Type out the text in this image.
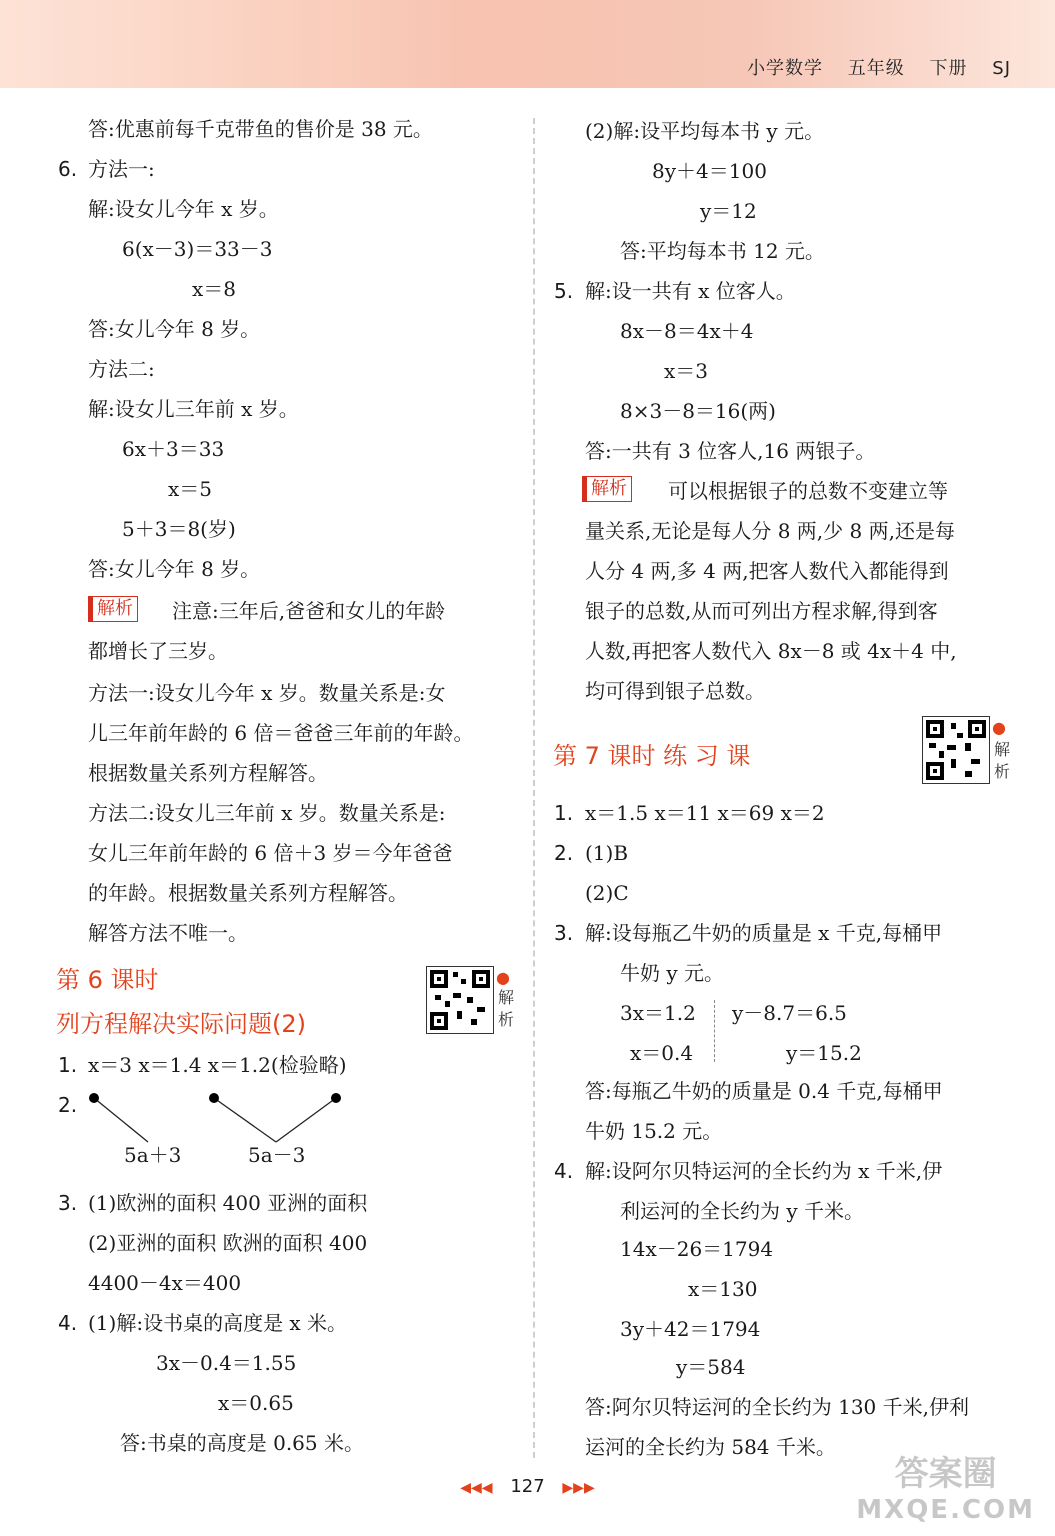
小学数学 五年级 下册 SJ
答:优惠前每千克带鱼的售价是 38 元。
6. 方法一:
解:设女儿今年 x 岁。
6(x－3)＝33－3
x＝8
答:女儿今年 8 岁。
方法二:
解:设女儿三年前 x 岁。
6x＋3＝33
x＝5
5＋3＝8(岁)
答:女儿今年 8 岁。
解析 注意:三年后,爸爸和女儿的年龄
都增长了三岁。
方法一:设女儿今年 x 岁。数量关系是:女
儿三年前年龄的 6 倍＝爸爸三年前的年龄。
根据数量关系列方程解答。
方法二:设女儿三年前 x 岁。数量关系是:
女儿三年前年龄的 6 倍＋3 岁＝今年爸爸
的年龄。根据数量关系列方程解答。
解答方法不唯一。
第 6 课时
列方程解决实际问题(2)
●
解
析
1. x＝3 x＝1.4 x＝1.2(检验略)
2.
5a＋3	5a－3
3. (1)欧洲的面积 400 亚洲的面积
(2)亚洲的面积 欧洲的面积 400
4400－4x＝400
4. (1)解:设书桌的高度是 x 米。
3x－0.4＝1.55
x＝0.65
答:书桌的高度是 0.65 米。
(2)解:设平均每本书 y 元。
8y＋4＝100
y＝12
答:平均每本书 12 元。
5. 解:设一共有 x 位客人。
8x－8＝4x＋4
x＝3
8×3－8＝16(两)
答:一共有 3 位客人,16 两银子。
解析 可以根据银子的总数不变建立等
量关系,无论是每人分 8 两,少 8 两,还是每
人分 4 两,多 4 两,把客人数代入都能得到
银子的总数,从而可列出方程求解,得到客
人数,再把客人数代入 8x－8 或 4x＋4 中,
均可得到银子总数。
第 7 课时 练 习 课
●
解
析
1. x＝1.5 x＝11 x＝69 x＝2
2. (1)B
(2)C
3. 解:设每瓶乙牛奶的质量是 x 千克,每桶甲
牛奶 y 元。
3x＝1.2 y－8.7＝6.5
x＝0.4	y＝15.2
答:每瓶乙牛奶的质量是 0.4 千克,每桶甲
牛奶 15.2 元。
4. 解:设阿尔贝特运河的全长约为 x 千米,伊
利运河的全长约为 y 千米。
14x－26＝1794
x＝130
3y＋42＝1794
y＝584
答:阿尔贝特运河的全长约为 130 千米,伊利
运河的全长约为 584 千米。
◀◀◀ 127 ▶▶▶	答案圈
MXQE.COM
